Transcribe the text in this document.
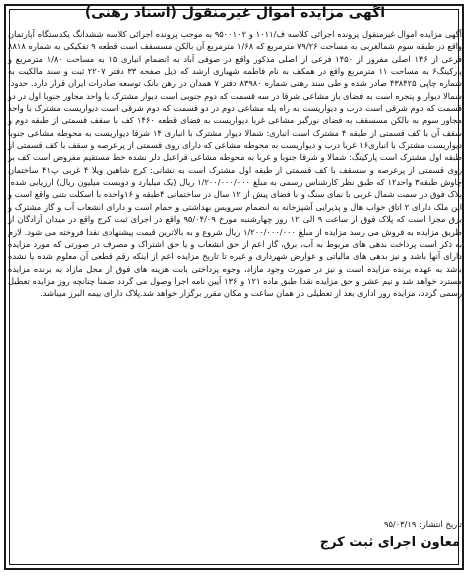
آگهی مزایده اموال غیرمنقول (اسناد رهنی)

آگهی مزایده اموال غیرمنقول پرونده اجرائی کلاسه ف/۱۰۱۱ و ۹۵۰۰۱۰۲ به موجب پرونده اجرائی کلاسه ششدانگ یکدستگاه آپارتمان واقع در طبقه سوم شمالغربی به مساحت ۷۹/۲۶ مترمربع که ۱/۶۸ مترمربع آن بالکن مسسقف است قطعه ۹ تفکیکی به شماره ۸۸۱۸ فرعی از ۱۴۶ اصلی مفروز از ۱۴۵۰ فرعی از اصلی مذکور واقع در صوفی آباد به انضمام انباری ۱۵ به مساحت ۱/۸۰ مترمربع و پارکینگ۶ به مساحت ۱۱ مترمربع واقع در همکف به نام فاطمه شهبازی ارشد که ذیل صفحه ۳۳ دفتر ۲۲۰۷ ثبت و سند مالکیت به شماره چاپی ۴۳۸۴۲۵ صادر شده و طی سند رهنی شماره ۸۳۹۸۰ دفتر ۷ همدان در رهن بانک توسعه صادرات ایران قرار دارد. حدود: شمالا دیوار و پنجره است به فضای باز مشاعی شرقا در سه قسمت که دوم جنوبی است دیوار مشترک با واحد مجاور جنوبا اول در دو قسمت که دوم شرقی است درب و دیواریست به راه پله مشاعی دوم در دو قسمت که دوم شرقی است دیواریست مشترک با واحد مجاور سوم به بالکن مسسقف به فضای نورگیر مشاعی غربا دیواریست به فضای قطعه ۱۴۶۰ کف با سقف قسمتی از طبقه دوم و سقف آن با کف قسمتی از طبقه ۴ مشترک است انباری: شمالا دیوار مشترک با انباری ۱۴ شرقا دیواریست به محوطه مشاعی جنوبا دیواریست مشترک با انباری۱۶ غربا درب و دیواریست به محوطه مشاعی که دارای روی قسمتی از پرعرصه و سقف با کف قسمتی از طبقه اول مشترک است پارکینگ: شمالا و شرقا جنوبا و غربا به محوطه مشاعی قراعبل دلر نشده خط مستقیم مفروض است کف بر روی قسمتی از پرعرصه و سسقف با کف قسمتی از طبقه اول مشترک است به نشانی: کرج شاهین ویلا ۴ غربی پ۴۱ ساختمان چاوش طبقه۳ واحد۱۲ که طبق نظر کارشناس رسمی به مبلغ ۱/۲۰۰/۰۰۰/۰۰۰ ریال (یک میلیارد و دویست میلیون ریال) ارزیابی شده. پلاک فوق در سمت شمال غربی با نمای سنگ و با فضای پیش از ۱۲ سال در ساختمانی ۴طبقه و ۱۶واحده با اسکلت بتنی واقع است و این ملک دارای ۲ اتاق خواب هال و پذیرایی آشپزخانه به انضمام سرویس بهداشتی و حمام است و دارای انشعاب آب و گاز مشترک و برق مجزا است که پلاک فوق از ساعت ۹ الی ۱۲ روز چهارشنبه مورخ ۹۵/۰۴/۰۹ واقع در اجرای ثبت کرج واقع در میدان آزادگان از طریق مزایده به فروش می رسد مزایده از مبلغ ۱/۲۰۰/۰۰۰/۰۰۰ ریال شروع و به بالاترین قیمت پیشنهادی نقدا فروخته می شود. لازم به ذکر است پرداخت بدهی های مربوط به آب، برق، گاز اعم از حق انشعاب و یا حق اشتراک و مصرف در صورتی که مورد مزایده دارای آنها باشد و نیز بدهی های مالیاتی و عوارض شهرداری و غیره تا تاریخ مزایده اعم از اینکه رقم قطعی آن معلوم شده یا نشده باشد به عهده برنده مزایده است و نیز در صورت وجود مازاد، وجوه پرداختی بابت هزینه های فوق از محل مازاد به برنده مزایده مسترد خواهد شد و نیم عشر و حق مزایده نقدا طبق ماده ۱۲۱ و ۱۳۶ آیین نامه اجرا وصول می گردد ضمنا چنانچه روز مزایده تعطیل رسمی گردد، مزایده روز اداری بعد از تعطیلی در همان ساعت و مکان مقرر برگزار خواهد شد.پلاک دارای بیمه البرز میباشد.

تاریخ انتشار: ۹۵/۰۳/۱۹

معاون اجرای ثبت کرج
